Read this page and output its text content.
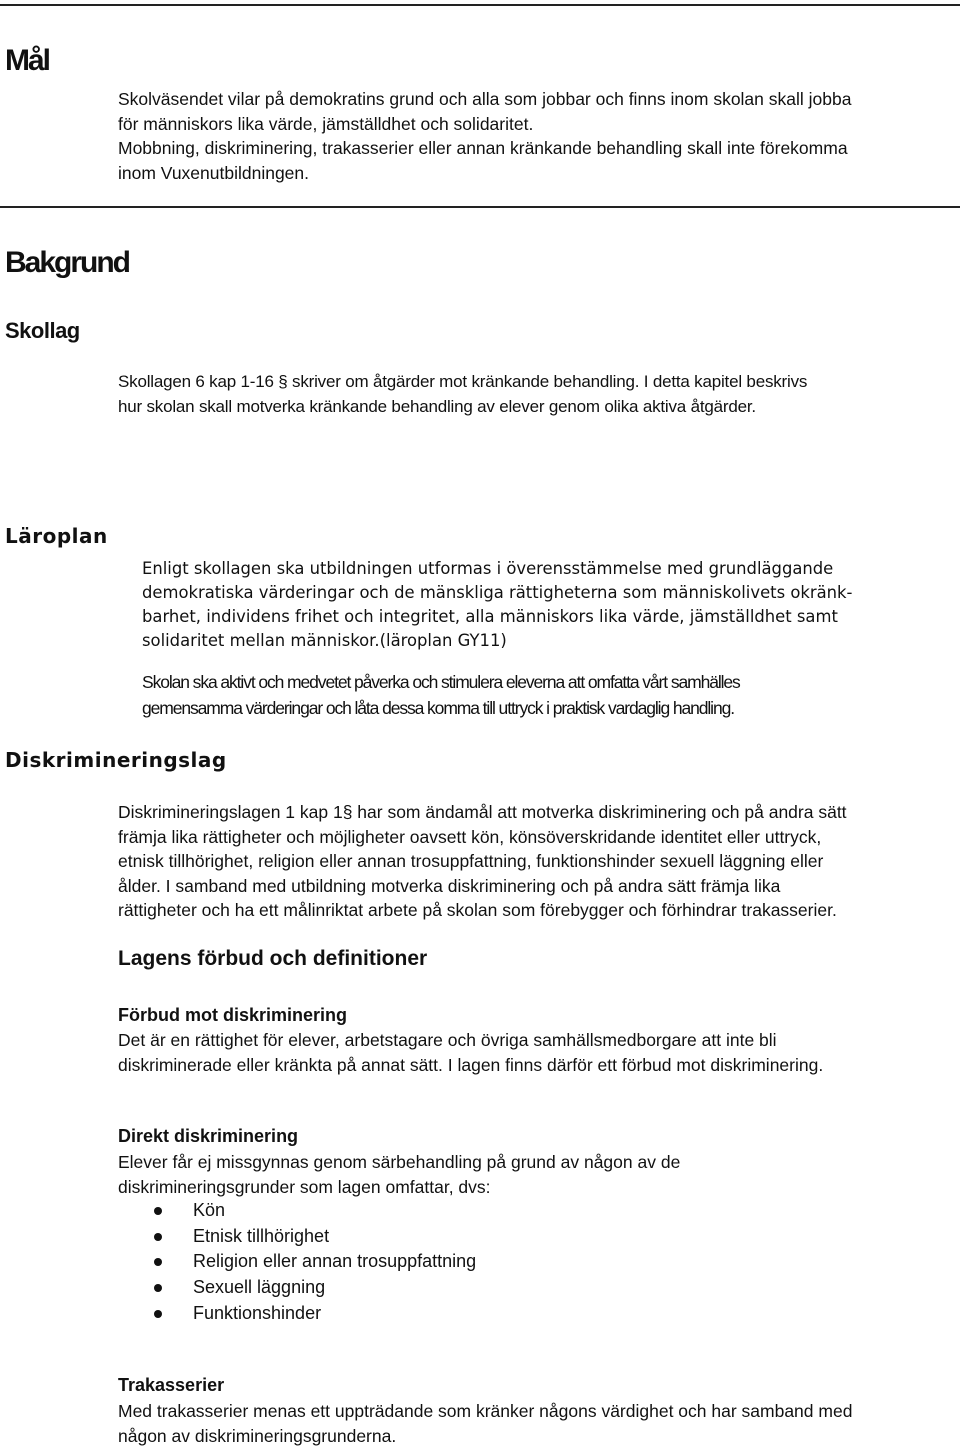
Mål
Skolväsendet vilar på demokratins grund och alla som jobbar och finns inom skolan skall jobba
för människors lika värde, jämställdhet och solidaritet.
Mobbning, diskriminering, trakasserier eller annan kränkande behandling skall inte förekomma
inom Vuxenutbildningen.
Bakgrund
Skollag
Skollagen 6 kap 1-16 § skriver om åtgärder mot kränkande behandling. I detta kapitel beskrivs
hur skolan skall motverka kränkande behandling av elever genom olika aktiva åtgärder.
Läroplan
Enligt skollagen ska utbildningen utformas i överensstämmelse med grundläggande
demokratiska värderingar och de mänskliga rättigheterna som människolivets okränk-
barhet, individens frihet och integritet, alla människors lika värde, jämställdhet samt
solidaritet mellan människor.(läroplan GY11)
Skolan ska aktivt och medvetet påverka och stimulera eleverna att omfatta vårt samhälles
gemensamma värderingar och låta dessa komma till uttryck i praktisk vardaglig handling.
Diskrimineringslag
Diskrimineringslagen 1 kap 1§ har som ändamål att motverka diskriminering och på andra sätt
främja lika rättigheter och möjligheter oavsett kön, könsöverskridande identitet eller uttryck,
etnisk tillhörighet, religion eller annan trosuppfattning, funktionshinder sexuell läggning eller
ålder. I samband med utbildning motverka diskriminering och på andra sätt främja lika
rättigheter och ha ett målinriktat arbete på skolan som förebygger och förhindrar trakasserier.
Lagens förbud och definitioner
Förbud mot diskriminering
Det är en rättighet för elever, arbetstagare och övriga samhällsmedborgare att inte bli
diskriminerade eller kränkta på annat sätt. I lagen finns därför ett förbud mot diskriminering.
Direkt diskriminering
Elever får ej missgynnas genom särbehandling på grund av någon av de
diskrimineringsgrunder som lagen omfattar, dvs:
Kön
Etnisk tillhörighet
Religion eller annan trosuppfattning
Sexuell läggning
Funktionshinder
Trakasserier
Med trakasserier menas ett uppträdande som kränker någons värdighet och har samband med
någon av diskrimineringsgrunderna.
